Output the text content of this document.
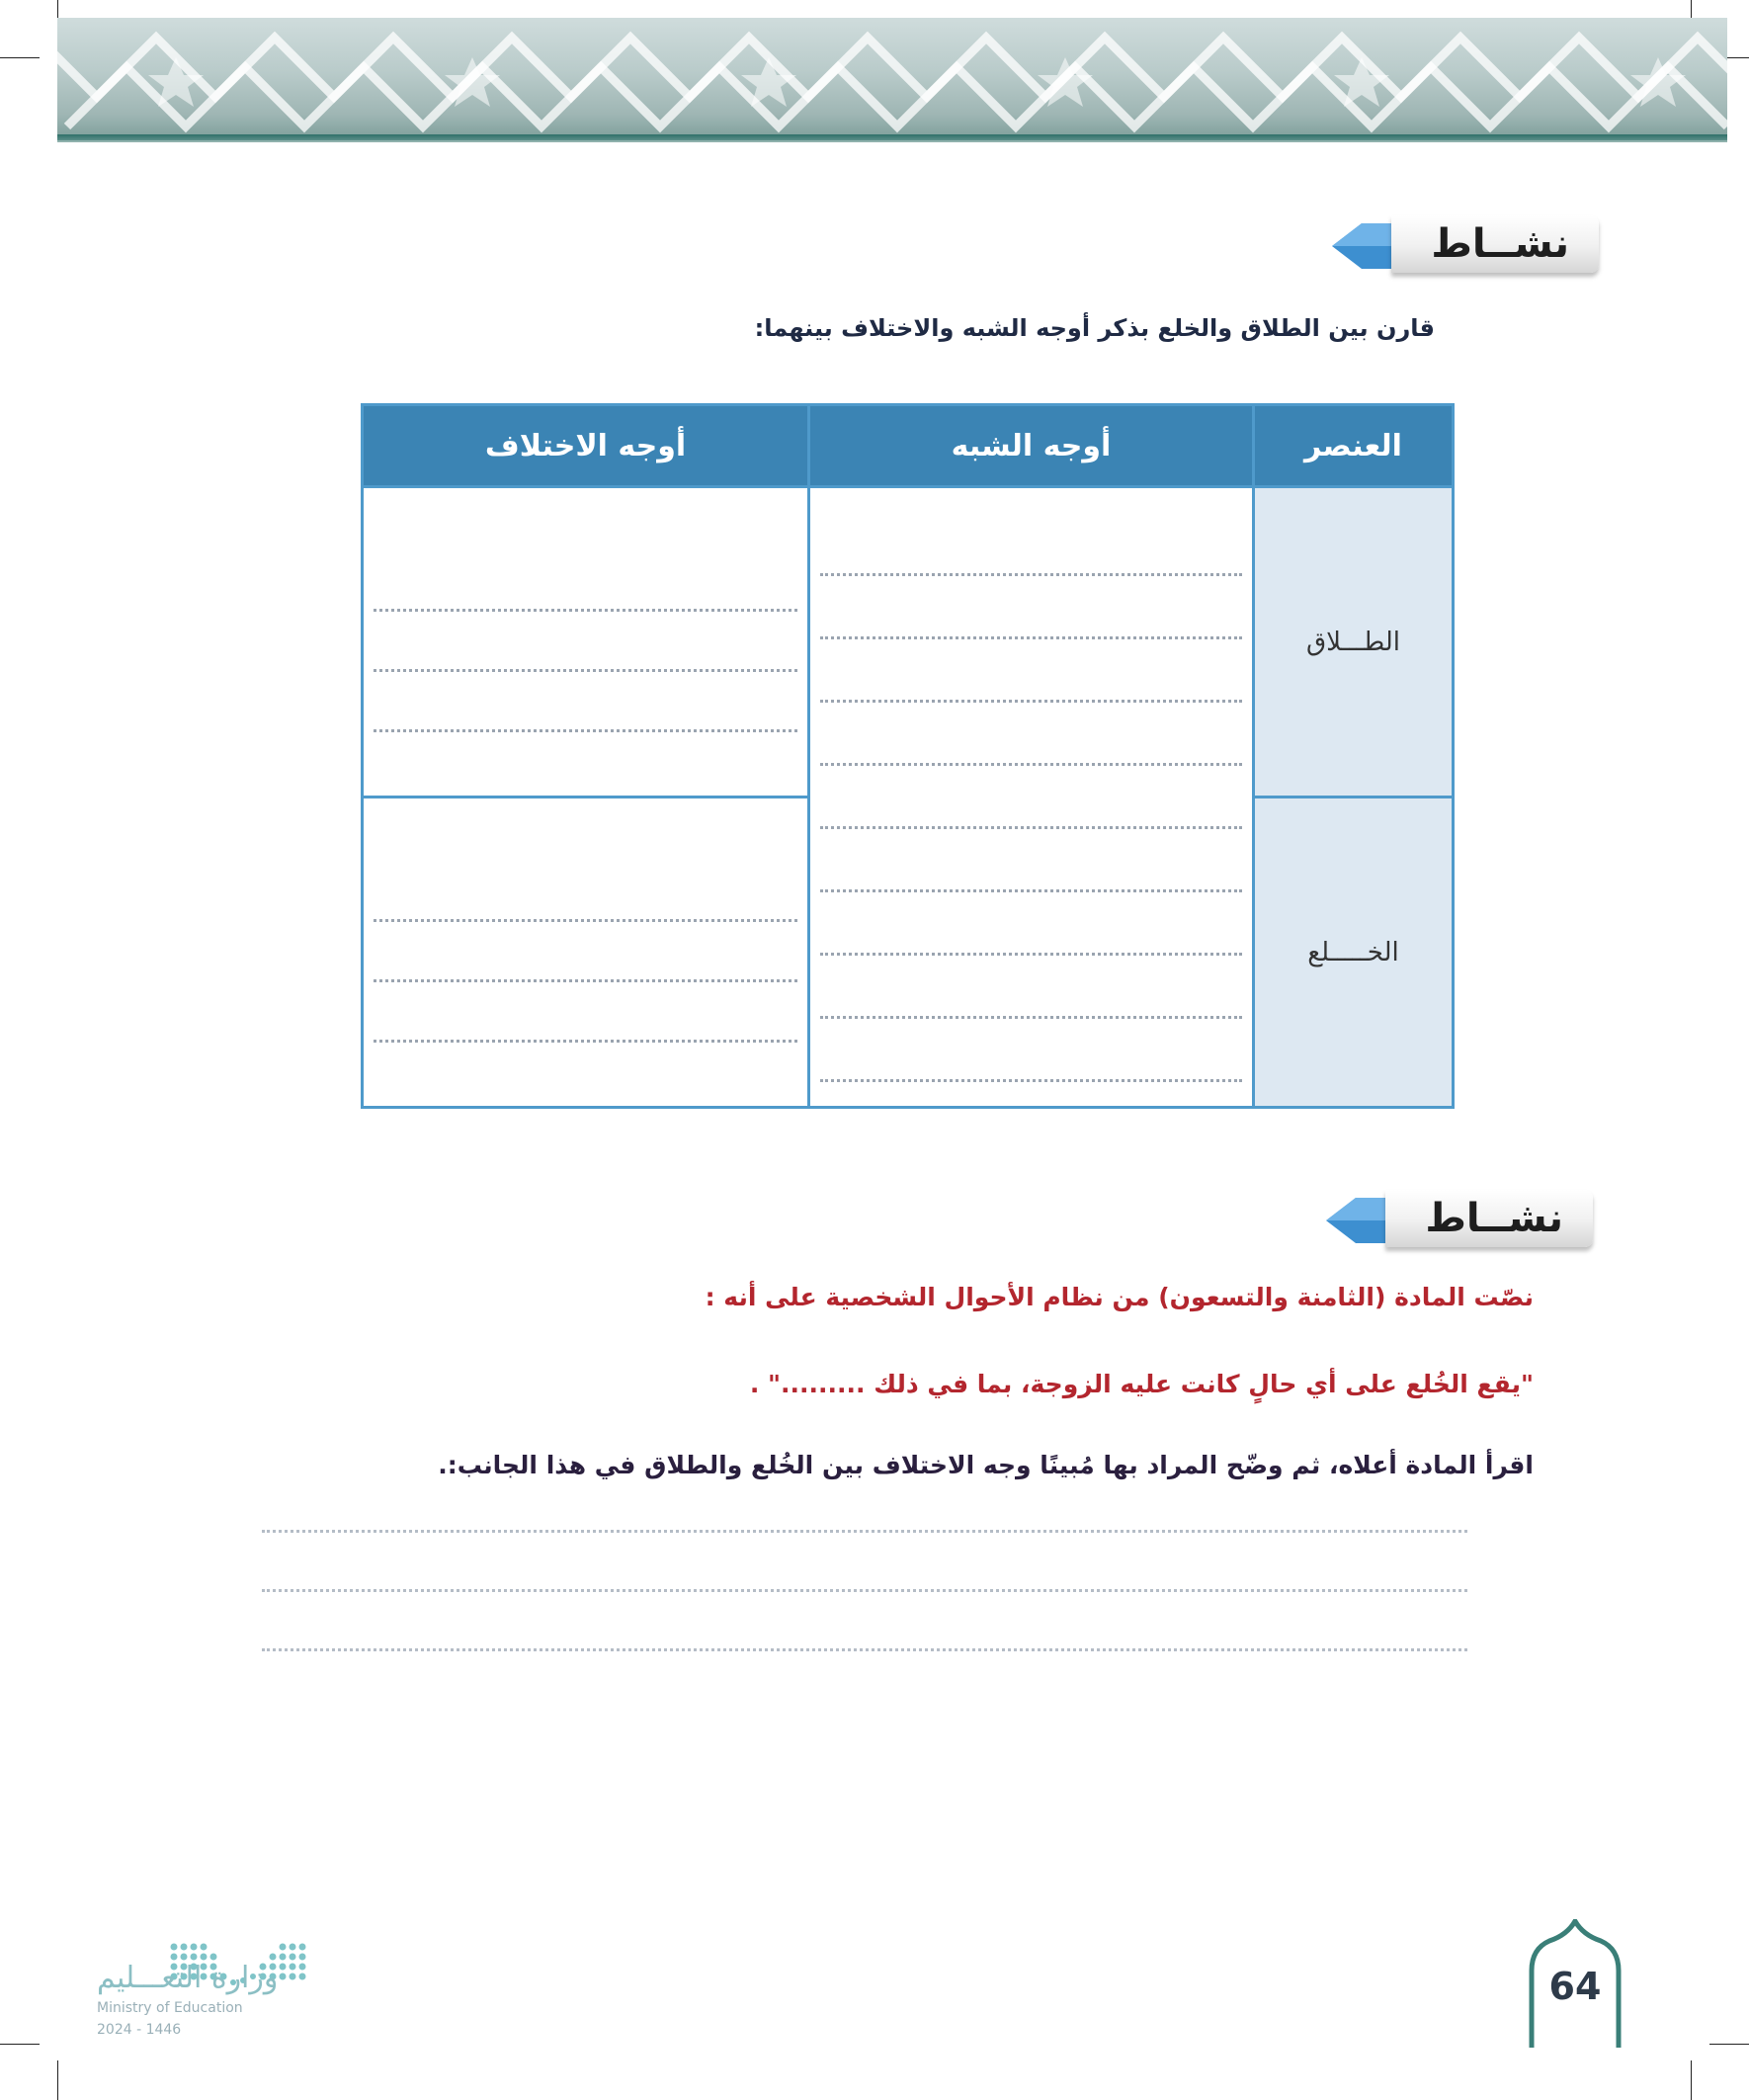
نشــاط
قارن بين الطلاق والخلع بذكر أوجه الشبه والاختلاف بينهما:
العنصر	أوجه الشبه	أوجه الاختلاف
الطـــلاق	

الخـــــلع		
نشــاط
نصّت المادة (الثامنة والتسعون) من نظام الأحوال الشخصية على أنه :
"يقع الخُلع على أي حالٍ كانت عليه الزوجة، بما في ذلك ........." .
اقرأ المادة أعلاه، ثم وضّح المراد بها مُبينًا وجه الاختلاف بين الخُلع والطلاق في هذا الجانب:.
وزارة التعـــليم
Ministry of Education
2024 - 1446
64
